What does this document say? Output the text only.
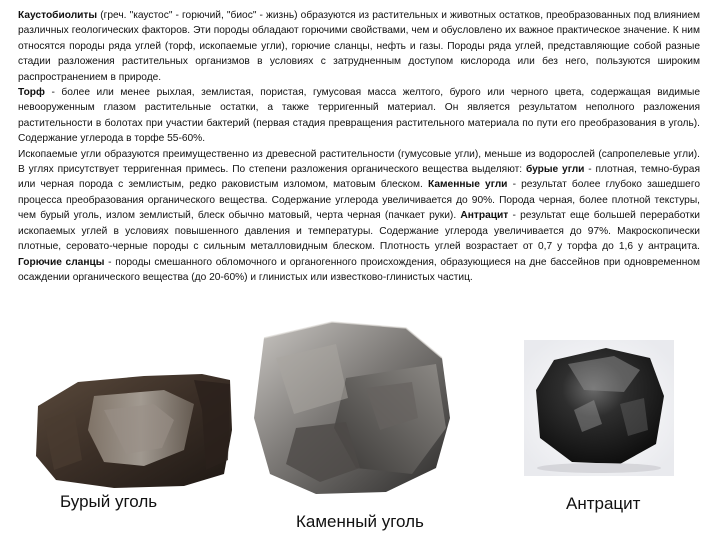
Каустобиолиты (греч. "каустос" - горючий, "биос" - жизнь) образуются из растительных и животных остатков, преобразованных под влиянием различных геологических факторов. Эти породы обладают горючими свойствами, чем и обусловлено их важное практическое значение. К ним относятся породы ряда углей (торф, ископаемые угли), горючие сланцы, нефть и газы. Породы ряда углей, представляющие собой разные стадии разложения растительных организмов в условиях с затрудненным доступом кислорода или без него, пользуются широким распространением в природе.

Торф - более или менее рыхлая, землистая, пористая, гумусовая масса желтого, бурого или черного цвета, содержащая видимые невооруженным глазом растительные остатки, а также терригенный материал. Он является результатом неполного разложения растительности в болотах при участии бактерий (первая стадия превращения растительного материала по пути его преобразования в уголь). Содержание углерода в торфе 55-60%.

Ископаемые угли образуются преимущественно из древесной растительности (гумусовые угли), меньше из водорослей (сапропелевые угли). В углях присутствует терригенная примесь. По степени разложения органического вещества выделяют: бурые угли - плотная, темно-бурая или черная порода с землистым, редко раковистым изломом, матовым блеском. Каменные угли - результат более глубоко зашедшего процесса преобразования органического вещества. Содержание углерода увеличивается до 90%. Порода черная, более плотной текстуры, чем бурый уголь, излом землистый, блеск обычно матовый, черта черная (пачкает руки). Антрацит - результат еще большей переработки ископаемых углей в условиях повышенного давления и температуры. Содержание углерода увеличивается до 97%. Макроскопически плотные, серовато-черные породы с сильным металловидным блеском. Плотность углей возрастает от 0,7 у торфа до 1,6 у антрацита. Горючие сланцы - породы смешанного обломочного и органогенного происхождения, образующиеся на дне бассейнов при одновременном осаждении органического вещества (до 20-60%) и глинистых или известково-глинистых частиц.

Бурый уголь
Каменный уголь
Антрацит
